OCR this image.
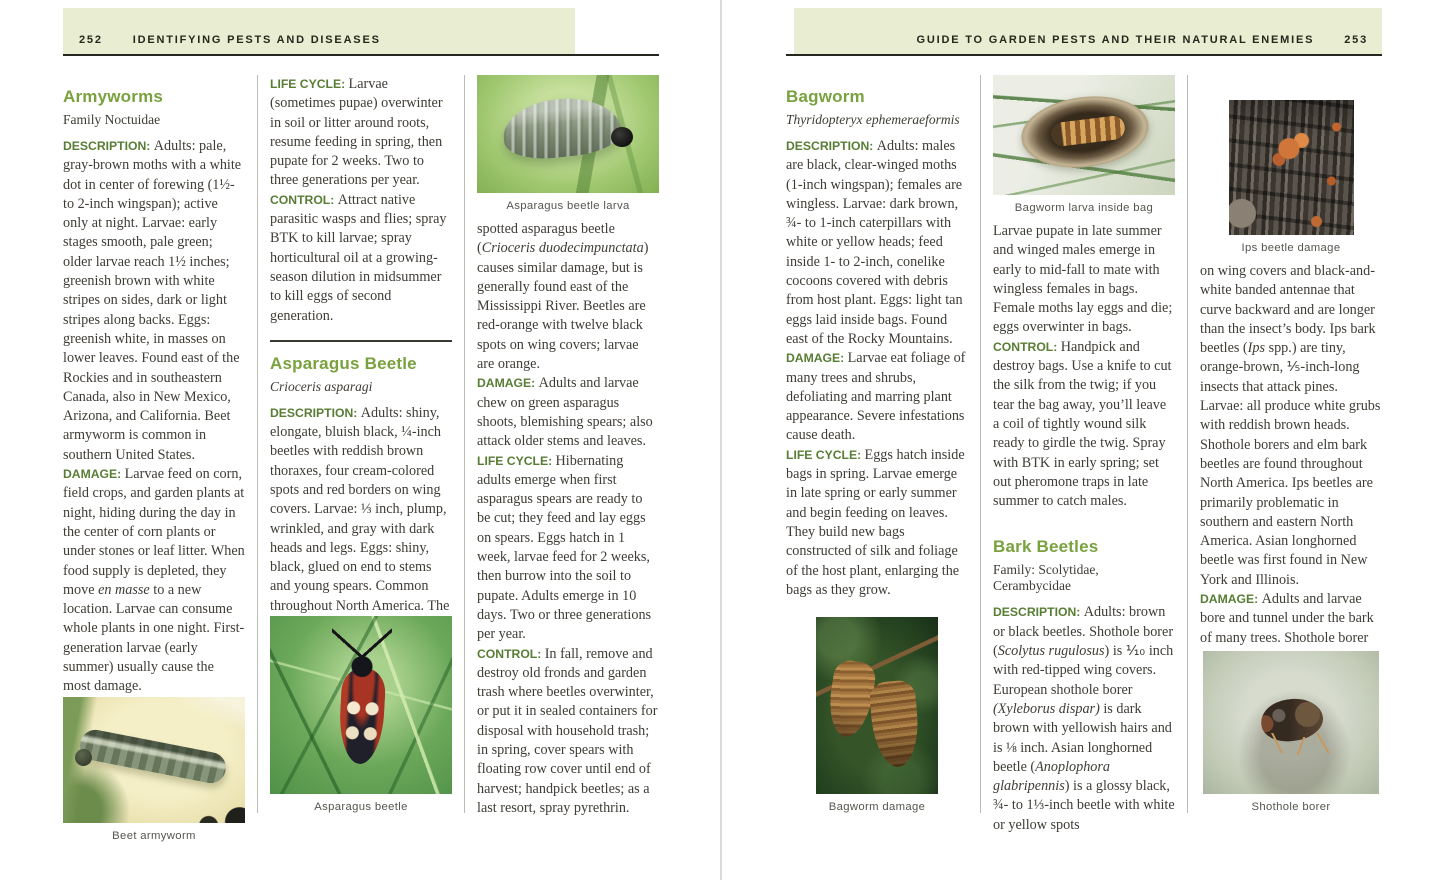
252	IDENTIFYING PESTS AND DISEASES
Armyworms

Family Noctuidae

DESCRIPTION: Adults: pale, gray-brown moths with a white dot in center of forewing (1½- to 2-inch wingspan); active only at night. Larvae: early stages smooth, pale green; older larvae reach 1½ inches; greenish brown with white stripes on sides, dark or light stripes along backs. Eggs: greenish white, in masses on lower leaves. Found east of the Rockies and in southeastern Canada, also in New Mexico, Arizona, and California. Beet armyworm is common in southern United States.

DAMAGE: Larvae feed on corn, field crops, and garden plants at night, hiding during the day in the center of corn plants or under stones or leaf litter. When food supply is depleted, they move en masse to a new location. Larvae can consume whole plants in one night. First-generation larvae (early summer) usually cause the most damage.

Beet armyworm

LIFE CYCLE: Larvae (sometimes pupae) overwinter in soil or litter around roots, resume feeding in spring, then pupate for 2 weeks. Two to three generations per year.

CONTROL: Attract native parasitic wasps and flies; spray BTK to kill larvae; spray horticultural oil at a growing-season dilution in midsummer to kill eggs of second generation.

Asparagus Beetle

Crioceris asparagi

DESCRIPTION: Adults: shiny, elongate, bluish black, ¼-inch beetles with reddish brown thoraxes, four cream-colored spots and red borders on wing covers. Larvae: ⅓ inch, plump, wrinkled, and gray with dark heads and legs. Eggs: shiny, black, glued on end to stems and young spears. Common throughout North America. The

Asparagus beetle
Asparagus beetle larva

spotted asparagus beetle (Crioceris duodecimpunctata) causes similar damage, but is generally found east of the Mississippi River. Beetles are red-orange with twelve black spots on wing covers; larvae are orange.

DAMAGE: Adults and larvae chew on green asparagus shoots, blemishing spears; also attack older stems and leaves.

LIFE CYCLE: Hibernating adults emerge when first asparagus spears are ready to be cut; they feed and lay eggs on spears. Eggs hatch in 1 week, larvae feed for 2 weeks, then burrow into the soil to pupate. Adults emerge in 10 days. Two or three generations per year.

CONTROL: In fall, remove and destroy old fronds and garden trash where beetles overwinter, or put it in sealed containers for disposal with household trash; in spring, cover spears with floating row cover until end of harvest; handpick beetles; as a last resort, spray pyrethrin.

GUIDE TO GARDEN PESTS AND THEIR NATURAL ENEMIES	253
Bagworm

Thyridopteryx ephemeraeformis

DESCRIPTION: Adults: males are black, clear-winged moths (1-inch wingspan); females are wingless. Larvae: dark brown, ¾- to 1-inch caterpillars with white or yellow heads; feed inside 1- to 2-inch, conelike cocoons covered with debris from host plant. Eggs: light tan eggs laid inside bags. Found east of the Rocky Mountains.

DAMAGE: Larvae eat foliage of many trees and shrubs, defoliating and marring plant appearance. Severe infestations cause death.

LIFE CYCLE: Eggs hatch inside bags in spring. Larvae emerge in late spring or early summer and begin feeding on leaves. They build new bags constructed of silk and foliage of the host plant, enlarging the bags as they grow.

Bagworm damage
Bagworm larva inside bag

Larvae pupate in late summer and winged males emerge in early to mid-fall to mate with wingless females in bags. Female moths lay eggs and die; eggs overwinter in bags.

CONTROL: Handpick and destroy bags. Use a knife to cut the silk from the twig; if you tear the bag away, you’ll leave a coil of tightly wound silk ready to girdle the twig. Spray with BTK in early spring; set out pheromone traps in late summer to catch males.

Bark Beetles

Family: Scolytidae, Cerambycidae

DESCRIPTION: Adults: brown or black beetles. Shothole borer (Scolytus rugulosus) is ⅒ inch with red-tipped wing covers. European shothole borer (Xyleborus dispar) is dark brown with yellowish hairs and is ⅛ inch. Asian longhorned beetle (Anoplophora glabripennis) is a glossy black, ¾- to 1⅓-inch beetle with white or yellow spots

Ips beetle damage

on wing covers and black-and-white banded antennae that curve backward and are longer than the insect’s body. Ips bark beetles (Ips spp.) are tiny, orange-brown, ⅕-inch-long insects that attack pines. Larvae: all produce white grubs with reddish brown heads. Shothole borers and elm bark beetles are found throughout North America. Ips beetles are primarily problematic in southern and eastern North America. Asian longhorned beetle was first found in New York and Illinois.

DAMAGE: Adults and larvae bore and tunnel under the bark of many trees. Shothole borer

Shothole borer
